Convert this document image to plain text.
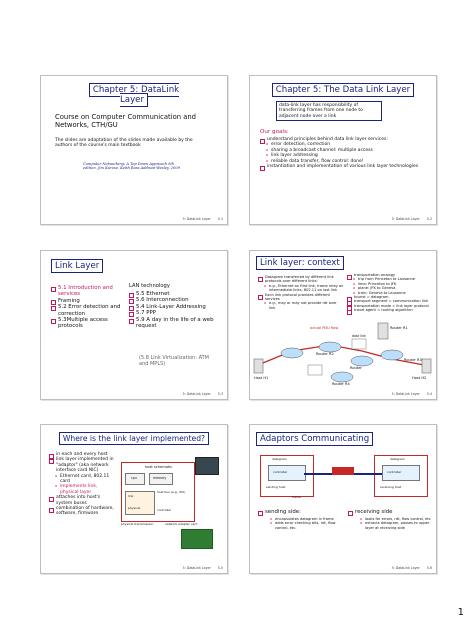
Chapter 5: DataLink Layer
Course on Computer Communication and Networks, CTH/GU
The slides are adaptation of the slides made available by the authors of the course's main textbook
Computer Networking: A Top Down Approach 5th edition. Jim Kurose, Keith Ross Addison-Wesley, 2009
5: DataLink Layer 5-1
Chapter 5: The Data Link Layer
data-link layer has responsibility of transferring frames from one node to adjacent node over a link
Our goals:
understand principles behind data link layer services:
o error detection, correction
o sharing a broadcast channel: multiple access
o link layer addressing
o reliable data transfer, flow control: done!
instantiation and implementation of various link layer technologies
5: DataLink Layer 5-2
Link Layer
5.1 Introduction and services
Framing
5.2 Error detection and correction
5.3Multiple access protocols
LAN technology
5.5 Ethernet
5.6 Interconnection
5.4 Link-Layer Addressing
5.7 PPP
5.9 A day in the life of a web request
(5.8 Link Virtualization: ATM and MPLS)
5: DataLink Layer 5-3
Link layer: context
Datagram transferred by different link protocols over different links:
o e.g., Ethernet on first link, frame relay on intermediate links, 802.11 on last link
Each link protocol provides different services
o e.g., may or may not provide rdt over link
transportation analogy
o trip from Princeton to Lausanne
o limo: Princeton to JFK
o plane: JFK to Geneva
o train: Geneva to Lausanne
tourist = datagram
transport segment = communication link
transportation mode = link layer protocol
travel agent = routing algorithm
actual PDU flow	Router R1
Router R2
Router R3
Router
Router R4
Host H1	Host H2
data link
5: DataLink Layer 5-4
Where is the link layer implemented?
in each and every host
link layer implemented in "adaptor" (aka network interface card NIC)
o Ethernet card, 802.11 card
o implements link, physical layer
attaches into host's system buses
combination of hardware, software, firmware
host schematic
cpu	memory
link
physical
host bus (e.g., PCI)
controller
physical transmission	network adapter card
5: DataLink Layer 5-5
Adaptors Communicating
controller	controller
datagram	datagram
sending host	receiving host
frame
sending side:
o encapsulates datagram in frame
o adds error checking bits, rdt, flow control, etc.
receiving side
o looks for errors, rdt, flow control, etc
o extracts datagram, passes to upper layer at receiving side
5: DataLink Layer 5-6
1
